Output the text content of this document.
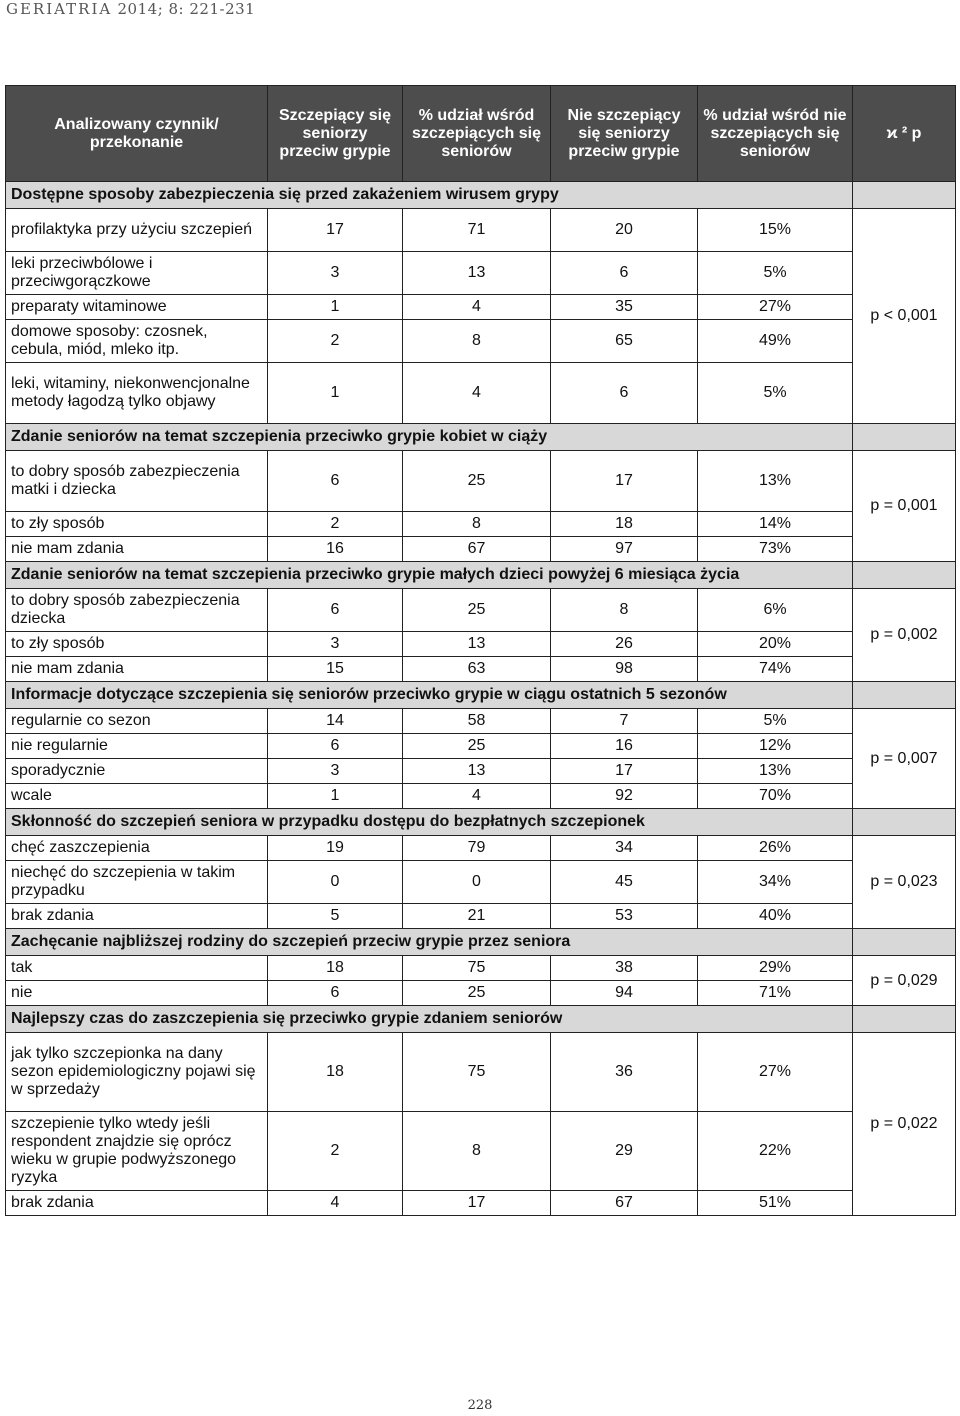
GERIATRIA 2014; 8: 221-231
Analizowany czynnik/ przekonanie	Szczepiący się seniorzy przeciw grypie	% udział wśród szczepiących się seniorów	Nie szczepiący się seniorzy przeciw grypie	% udział wśród nie szczepiących się seniorów	ϰ ² p
Dostępne sposoby zabezpieczenia się przed zakażeniem wirusem grypy					
profilaktyka przy użyciu szczepień	17	71	20	15%	p < 0,001
leki przeciwbólowe i przeciwgorączkowe	3	13	6	5%	
preparaty witaminowe	1	4	35	27%	
domowe sposoby: czosnek, cebula, miód, mleko itp.	2	8	65	49%	
leki, witaminy, niekonwencjonalne metody łagodzą tylko objawy	1	4	6	5%	
Zdanie seniorów na temat szczepienia przeciwko grypie kobiet w ciąży					
to dobry sposób zabezpieczenia matki i dziecka	6	25	17	13%	p = 0,001
to zły sposób	2	8	18	14%	
nie mam zdania	16	67	97	73%	
Zdanie seniorów na temat szczepienia przeciwko grypie małych dzieci powyżej 6 miesiąca życia					
to dobry sposób zabezpieczenia dziecka	6	25	8	6%	p = 0,002
to zły sposób	3	13	26	20%	
nie mam zdania	15	63	98	74%	
Informacje dotyczące szczepienia się seniorów przeciwko grypie w ciągu ostatnich 5 sezonów					
regularnie co sezon	14	58	7	5%	p = 0,007
nie regularnie	6	25	16	12%	
sporadycznie	3	13	17	13%	
wcale	1	4	92	70%	
Skłonność do szczepień seniora w przypadku dostępu do bezpłatnych szczepionek					
chęć zaszczepienia	19	79	34	26%	p = 0,023
niechęć do szczepienia w takim przypadku	0	0	45	34%	
brak zdania	5	21	53	40%	
Zachęcanie najbliższej rodziny do szczepień przeciw grypie przez seniora					
tak	18	75	38	29%	p = 0,029
nie	6	25	94	71%	
Najlepszy czas do zaszczepienia się przeciwko grypie zdaniem seniorów					
jak tylko szczepionka na dany sezon epidemiologiczny pojawi się w sprzedaży	18	75	36	27%	p = 0,022
szczepienie tylko wtedy jeśli respondent znajdzie się oprócz wieku w grupie podwyższonego ryzyka	2	8	29	22%	
brak zdania	4	17	67	51%	
228
